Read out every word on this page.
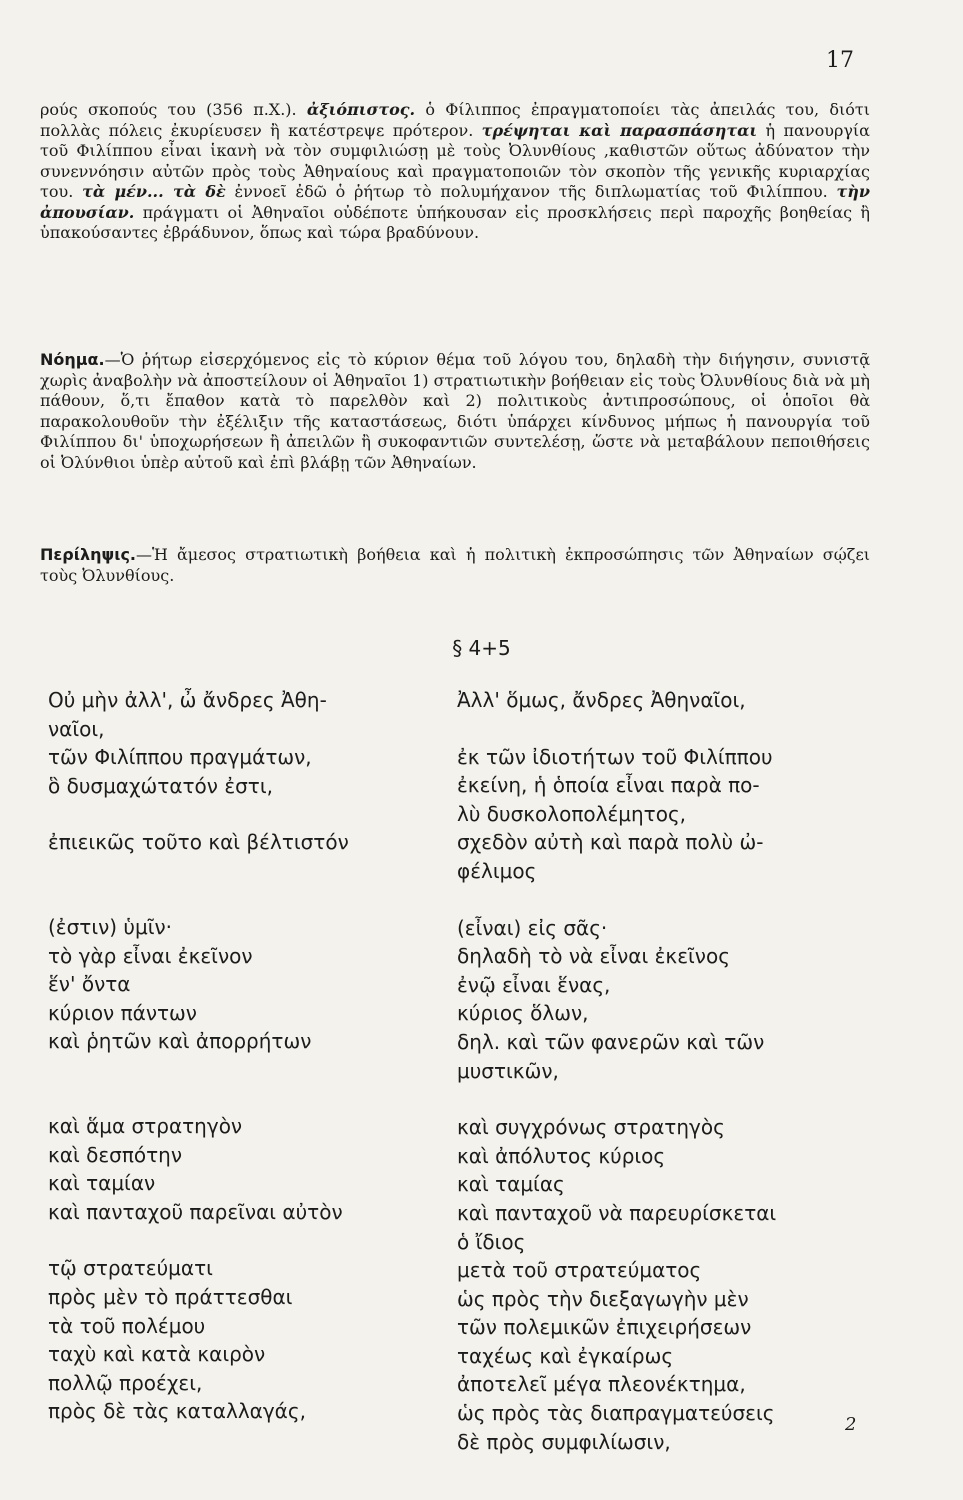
17
ρούς σκοπούς του (356 π.Χ.). ἀξιόπιστος. ὁ Φίλιππος ἐπραγματοποίει τὰς ἀπειλάς του, διότι πολλὰς πόλεις ἐκυρίευσεν ἢ κατέστρεψε πρότερον. τρέψηται καὶ παρασπάσηται ἡ πανουργία τοῦ Φιλίππου εἶναι ἱκανὴ νὰ τὸν συμφιλιώσῃ μὲ τοὺς Ὀλυνθίους ,καθιστῶν οὕτως ἀδύνατον τὴν συνεννόησιν αὐτῶν πρὸς τοὺς Ἀθηναίους καὶ πραγματοποιῶν τὸν σκοπὸν τῆς γενικῆς κυριαρχίας του. τὰ μέν... τὰ δὲ ἐννοεῖ ἐδῶ ὁ ῥήτωρ τὸ πολυμήχανον τῆς διπλωματίας τοῦ Φιλίππου. τὴν ἀπουσίαν. πράγματι οἱ Ἀθηναῖοι οὐδέποτε ὑπήκουσαν εἰς προσκλήσεις περὶ παροχῆς βοηθείας ἢ ὑπακούσαντες ἐβράδυνον, ὅπως καὶ τώρα βραδύνουν.
Νόημα.—Ὁ ῥήτωρ εἰσερχόμενος εἰς τὸ κύριον θέμα τοῦ λόγου του, δηλαδὴ τὴν διήγησιν, συνιστᾷ χωρὶς ἀναβολὴν νὰ ἀποστείλουν οἱ Ἀθηναῖοι 1) στρατιωτικὴν βοήθειαν εἰς τοὺς Ὀλυνθίους διὰ νὰ μὴ πάθουν, ὅ,τι ἔπαθον κατὰ τὸ παρελθὸν καὶ 2) πολιτικοὺς ἀντιπροσώπους, οἱ ὁποῖοι θὰ παρακολουθοῦν τὴν ἐξέλιξιν τῆς καταστάσεως, διότι ὑπάρχει κίνδυνος μήπως ἡ πανουργία τοῦ Φιλίππου δι' ὑποχωρήσεων ἢ ἀπειλῶν ἢ συκοφαντιῶν συντελέσῃ, ὥστε νὰ μεταβάλουν πεποιθήσεις οἱ Ὀλύνθιοι ὑπὲρ αὐτοῦ καὶ ἐπὶ βλάβῃ τῶν Ἀθηναίων.
Περίληψις.—Ἡ ἄμεσος στρατιωτικὴ βοήθεια καὶ ἡ πολιτικὴ ἐκπροσώπησις τῶν Ἀθηναίων σῴζει τοὺς Ὀλυνθίους.
§ 4+5
Οὐ μὴν ἀλλ', ὦ ἄνδρες Ἀθη-
ναῖοι,
τῶν Φιλίππου πραγμάτων,
ὃ δυσμαχώτατόν ἐστι,
ἐπιεικῶς τοῦτο καὶ βέλτιστόν
(ἐστιν) ὑμῖν·
τὸ γὰρ εἶναι ἐκεῖνον
ἕν' ὄντα
κύριον πάντων
καὶ ῥητῶν καὶ ἀπορρήτων
καὶ ἅμα στρατηγὸν
καὶ δεσπότην
καὶ ταμίαν
καὶ πανταχοῦ παρεῖναι αὐτὸν
τῷ στρατεύματι
πρὸς μὲν τὸ πράττεσθαι
τὰ τοῦ πολέμου
ταχὺ καὶ κατὰ καιρὸν
πολλῷ προέχει,
πρὸς δὲ τὰς καταλλαγάς,
Ἀλλ' ὅμως, ἄνδρες Ἀθηναῖοι,
ἐκ τῶν ἰδιοτήτων τοῦ Φιλίππου
ἐκείνη, ἡ ὁποία εἶναι παρὰ πο-
λὺ δυσκολοπολέμητος,
σχεδὸν αὐτὴ καὶ παρὰ πολὺ ὠ-
φέλιμος
(εἶναι) εἰς σᾶς·
δηλαδὴ τὸ νὰ εἶναι ἐκεῖνος
ἐνῷ εἶναι ἕνας,
κύριος ὅλων,
δηλ. καὶ τῶν φανερῶν καὶ τῶν
μυστικῶν,
καὶ συγχρόνως στρατηγὸς
καὶ ἀπόλυτος κύριος
καὶ ταμίας
καὶ πανταχοῦ νὰ παρευρίσκεται
ὁ ἴδιος
μετὰ τοῦ στρατεύματος
ὡς πρὸς τὴν διεξαγωγὴν μὲν
τῶν πολεμικῶν ἐπιχειρήσεων
ταχέως καὶ ἐγκαίρως
ἀποτελεῖ μέγα πλεονέκτημα,
ὡς πρὸς τὰς διαπραγματεύσεις
δὲ πρὸς συμφιλίωσιν,
2
